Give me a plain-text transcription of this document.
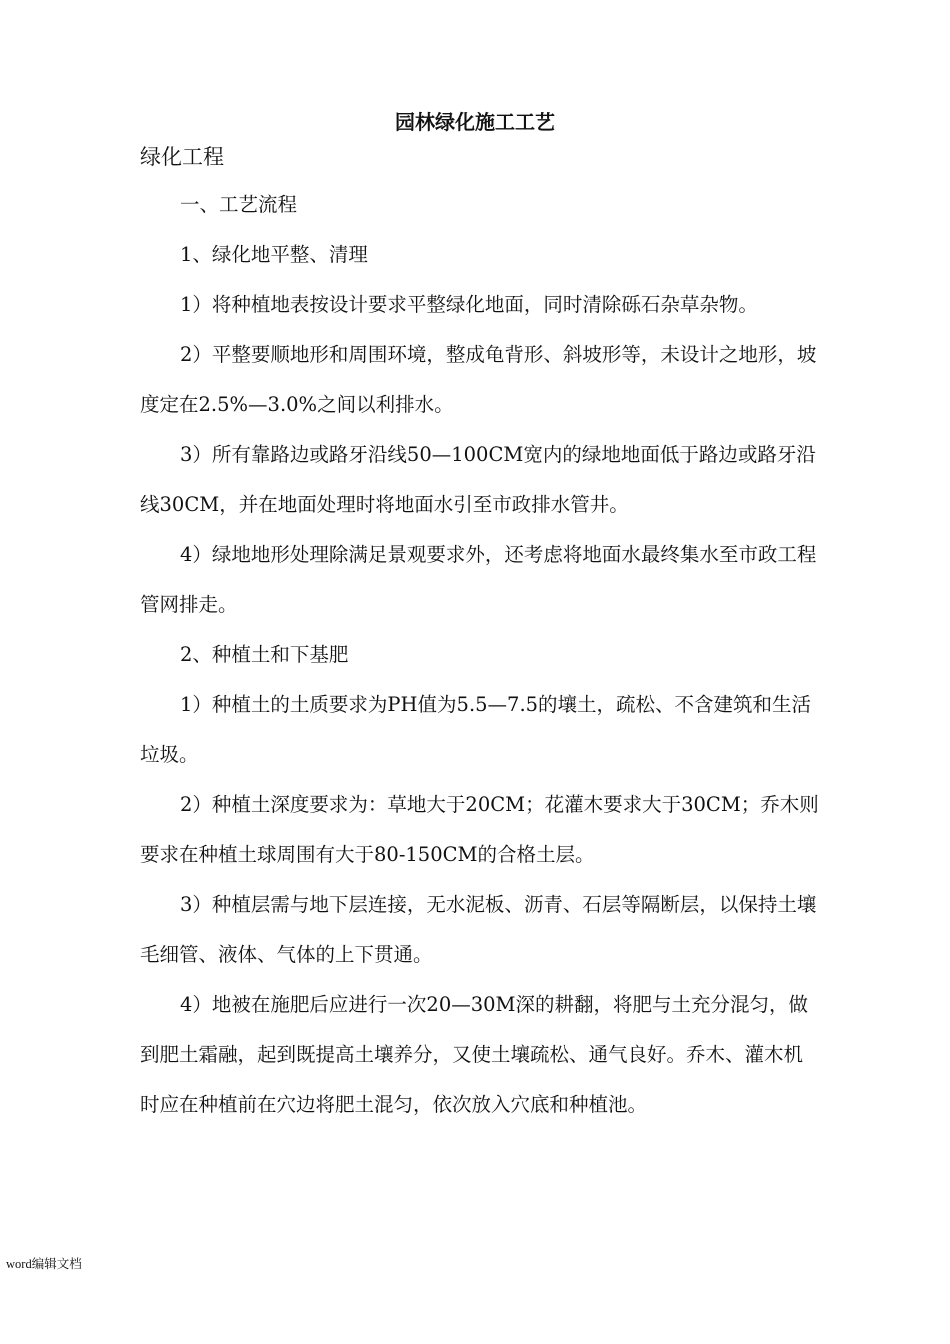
园林绿化施工工艺
绿化工程

一、工艺流程

1、绿化地平整、清理

1）将种植地表按设计要求平整绿化地面，同时清除砾石杂草杂物。

2）平整要顺地形和周围环境，整成龟背形、斜坡形等，未设计之地形，坡度定在2.5%—3.0%之间以利排水。

3）所有靠路边或路牙沿线50—100CM宽内的绿地地面低于路边或路牙沿线30CM，并在地面处理时将地面水引至市政排水管井。

4）绿地地形处理除满足景观要求外，还考虑将地面水最终集水至市政工程管网排走。

2、种植土和下基肥

1）种植土的土质要求为PH值为5.5—7.5的壤土，疏松、不含建筑和生活垃圾。

2）种植土深度要求为：草地大于20CM；花灌木要求大于30CM；乔木则要求在种植土球周围有大于80-150CM的合格土层。

3）种植层需与地下层连接，无水泥板、沥青、石层等隔断层，以保持土壤毛细管、液体、气体的上下贯通。

4）地被在施肥后应进行一次20—30M深的耕翻，将肥与土充分混匀，做到肥土霜融，起到既提高土壤养分，又使土壤疏松、通气良好。乔木、灌木机时应在种植前在穴边将肥土混匀，依次放入穴底和种植池。

word编辑文档
